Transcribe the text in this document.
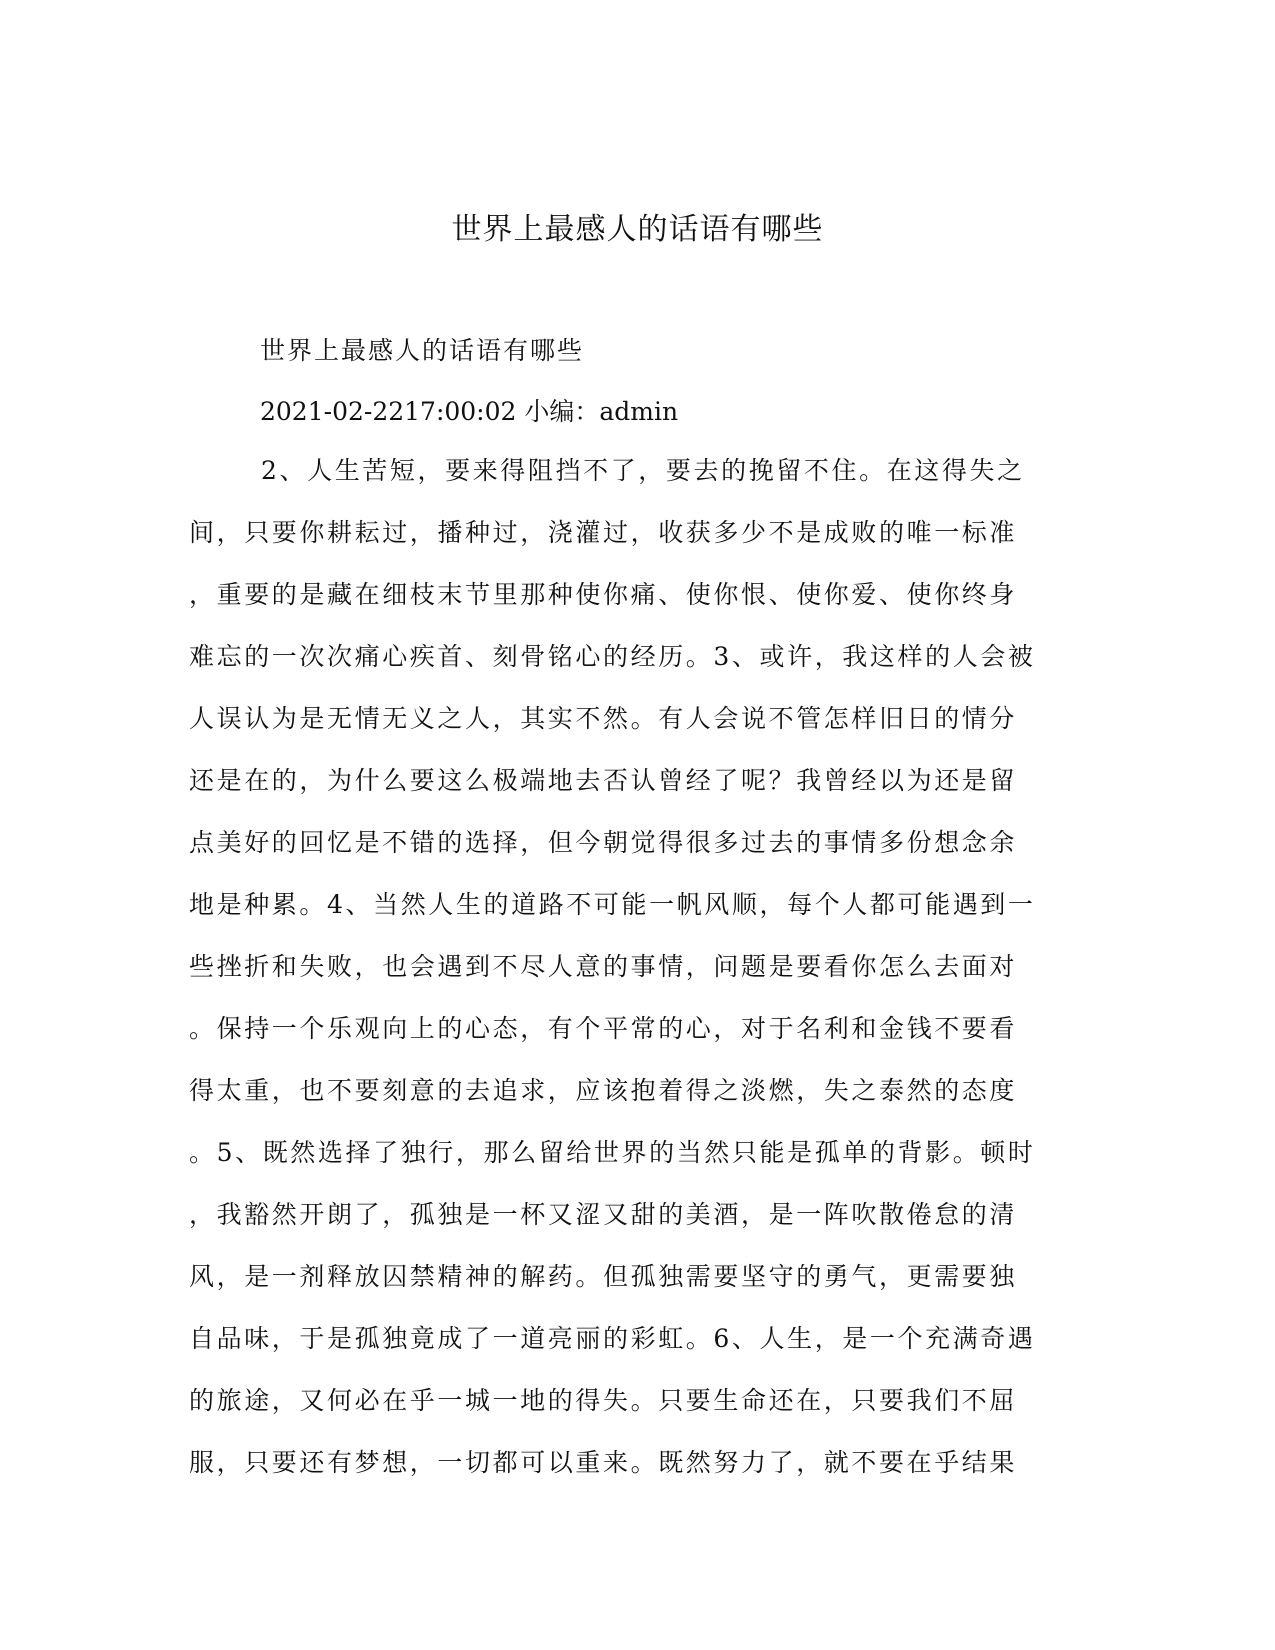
世界上最感人的话语有哪些

世界上最感人的话语有哪些

2021-02-2217:00:02 小编：admin

2、人生苦短，要来得阻挡不了，要去的挽留不住。在这得失之
间，只要你耕耘过，播种过，浇灌过，收获多少不是成败的唯一标准
，重要的是藏在细枝末节里那种使你痛、使你恨、使你爱、使你终身
难忘的一次次痛心疾首、刻骨铭心的经历。3、或许，我这样的人会被
人误认为是无情无义之人，其实不然。有人会说不管怎样旧日的情分
还是在的，为什么要这么极端地去否认曾经了呢？我曾经以为还是留
点美好的回忆是不错的选择，但今朝觉得很多过去的事情多份想念余
地是种累。4、当然人生的道路不可能一帆风顺，每个人都可能遇到一
些挫折和失败，也会遇到不尽人意的事情，问题是要看你怎么去面对
。保持一个乐观向上的心态，有个平常的心，对于名利和金钱不要看
得太重，也不要刻意的去追求，应该抱着得之淡燃，失之泰然的态度
。5、既然选择了独行，那么留给世界的当然只能是孤单的背影。顿时
，我豁然开朗了，孤独是一杯又涩又甜的美酒，是一阵吹散倦怠的清
风，是一剂释放囚禁精神的解药。但孤独需要坚守的勇气，更需要独
自品味，于是孤独竟成了一道亮丽的彩虹。6、人生，是一个充满奇遇
的旅途，又何必在乎一城一地的得失。只要生命还在，只要我们不屈
服，只要还有梦想，一切都可以重来。既然努力了，就不要在乎结果
